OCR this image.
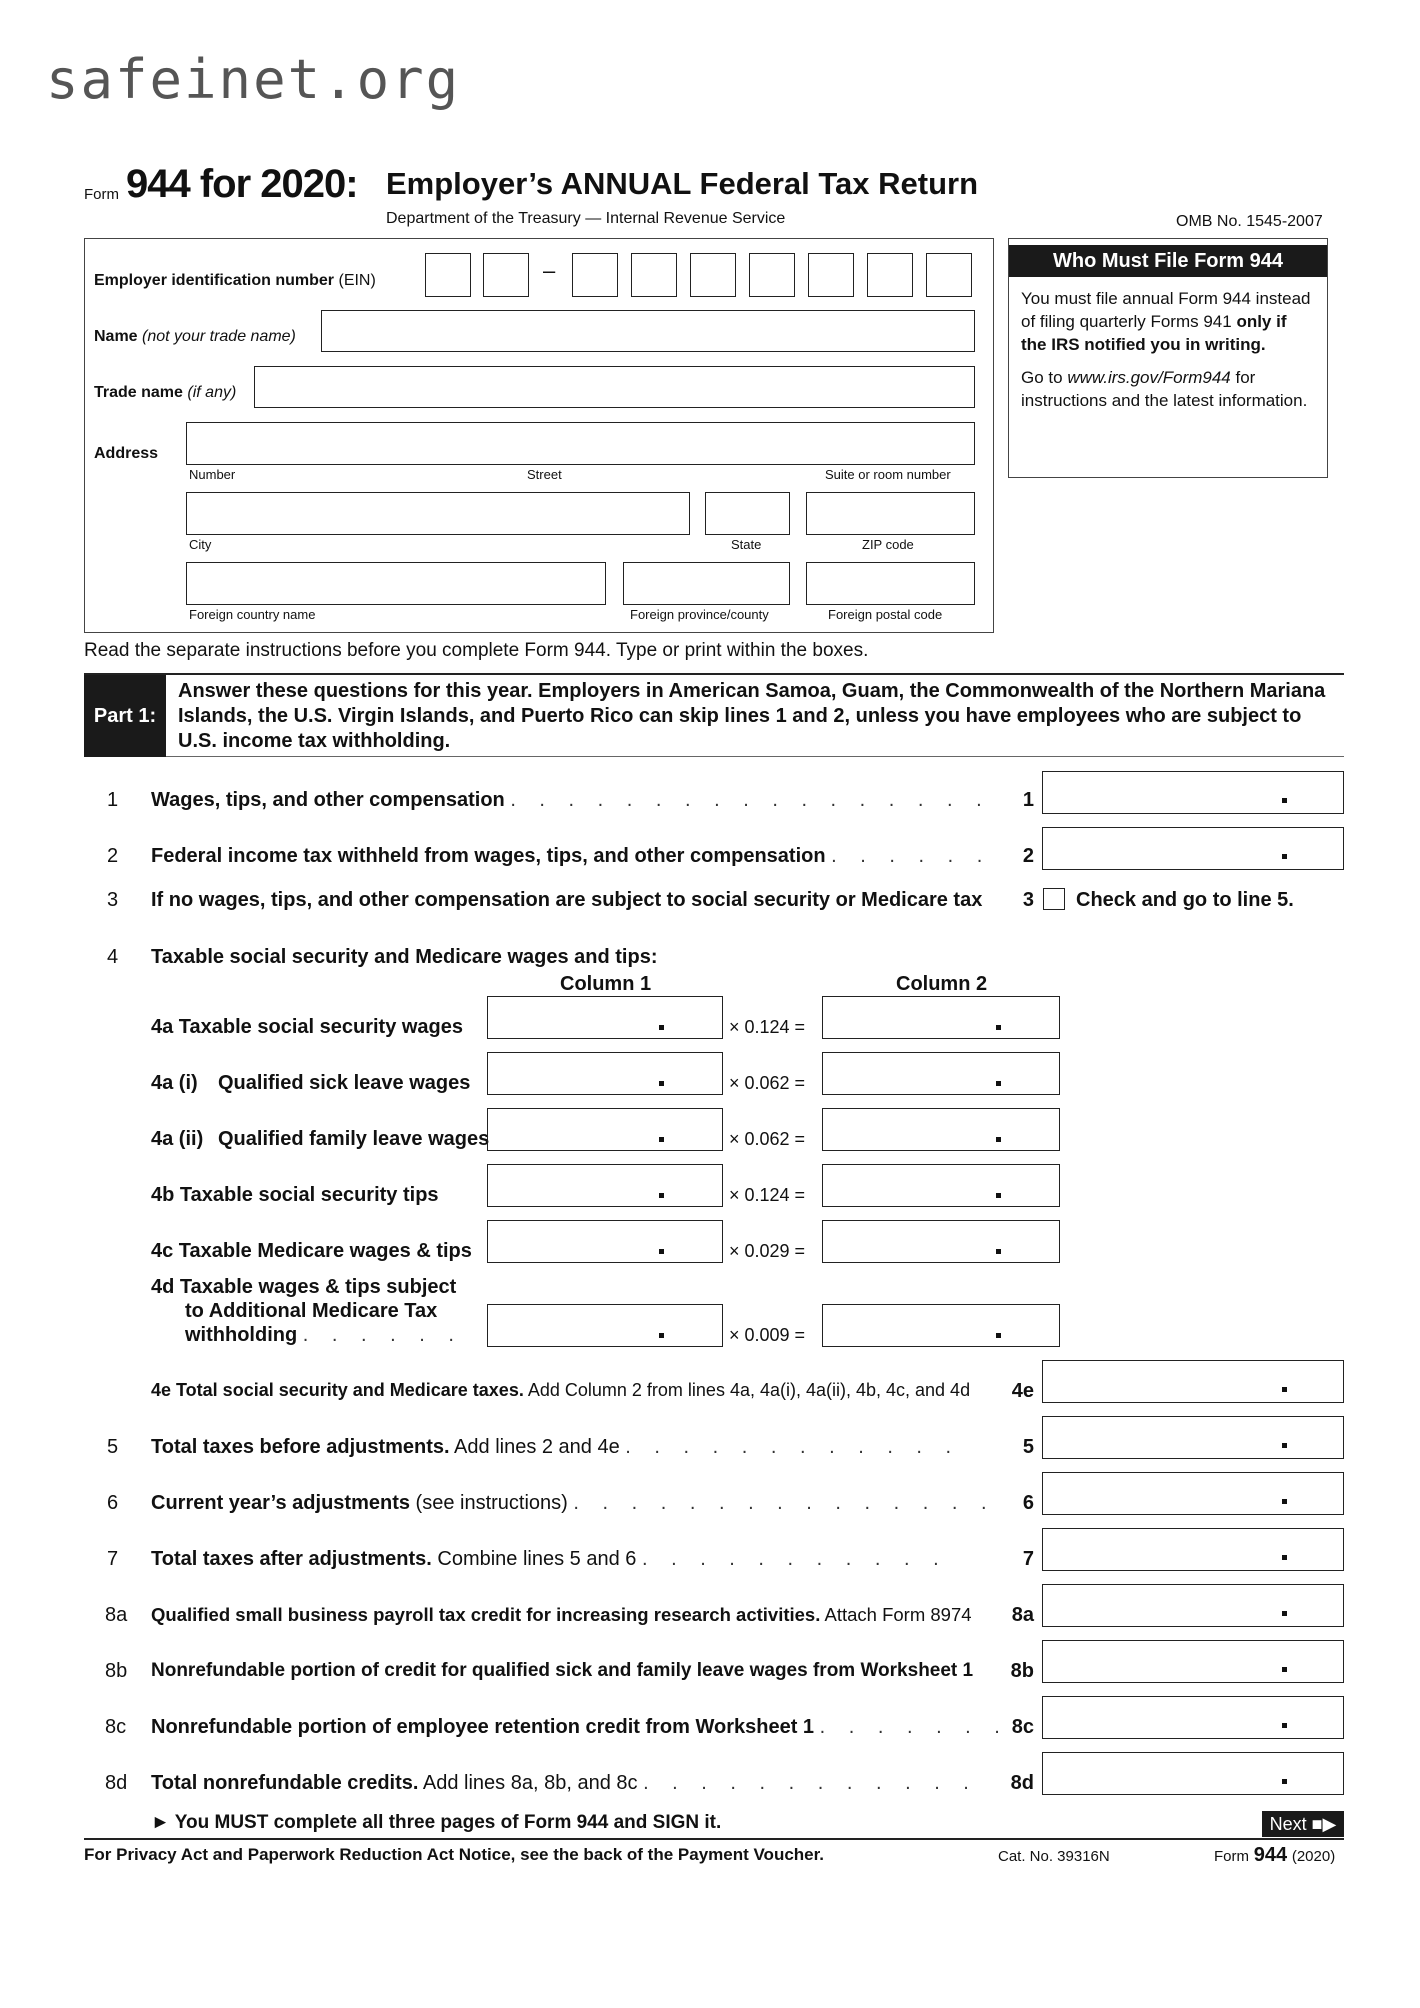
safeinet.org
Form 944 for 2020: Employer’s ANNUAL Federal Tax Return
Department of the Treasury — Internal Revenue Service	OMB No. 1545-2007
Employer identification number (EIN)	–
Name (not your trade name)
Trade name (if any)
Address
Number	Street	Suite or room number
City	State	ZIP code
Foreign country name	Foreign province/county	Foreign postal code
Who Must File Form 944

You must file annual Form 944 instead of filing quarterly Forms 941 only if the IRS notified you in writing.

Go to www.irs.gov/Form944 for instructions and the latest information.

Read the separate instructions before you complete Form 944. Type or print within the boxes.
Part 1:
Answer these questions for this year. Employers in American Samoa, Guam, the Commonwealth of the Northern Mariana Islands, the U.S. Virgin Islands, and Puerto Rico can skip lines 1 and 2, unless you have employees who are subject to U.S. income tax withholding.
1 Wages, tips, and other compensation . . . . . . . . . . . . . . . . .	1
2 Federal income tax withheld from wages, tips, and other compensation . . . . . .	2
3 If no wages, tips, and other compensation are subject to social security or Medicare tax	3 Check and go to line 5.
4 Taxable social security and Medicare wages and tips:
Column 1	Column 2
4a Taxable social security wages	× 0.124 =
4a (i) Qualified sick leave wages	× 0.062 =
4a (ii) Qualified family leave wages	× 0.062 =
4b Taxable social security tips	× 0.124 =
4c Taxable Medicare wages & tips	× 0.029 =
4d Taxable wages & tips subject
to Additional Medicare Tax
withholding . . . . . .	× 0.009 =
4e Total social security and Medicare taxes. Add Column 2 from lines 4a, 4a(i), 4a(ii), 4b, 4c, and 4d	4e
5 Total taxes before adjustments. Add lines 2 and 4e . . . . . . . . . . . .	5
6 Current year’s adjustments (see instructions) . . . . . . . . . . . . . . .	6
7 Total taxes after adjustments. Combine lines 5 and 6 . . . . . . . . . . .	7
8a Qualified small business payroll tax credit for increasing research activities. Attach Form 8974	8a
8b Nonrefundable portion of credit for qualified sick and family leave wages from Worksheet 1	8b
8c Nonrefundable portion of employee retention credit from Worksheet 1 . . . . . . . 8c
8d Total nonrefundable credits. Add lines 8a, 8b, and 8c . . . . . . . . . . . .	8d
► You MUST complete all three pages of Form 944 and SIGN it.	Next ■▶
For Privacy Act and Paperwork Reduction Act Notice, see the back of the Payment Voucher.	Cat. No. 39316N	Form 944 (2020)
